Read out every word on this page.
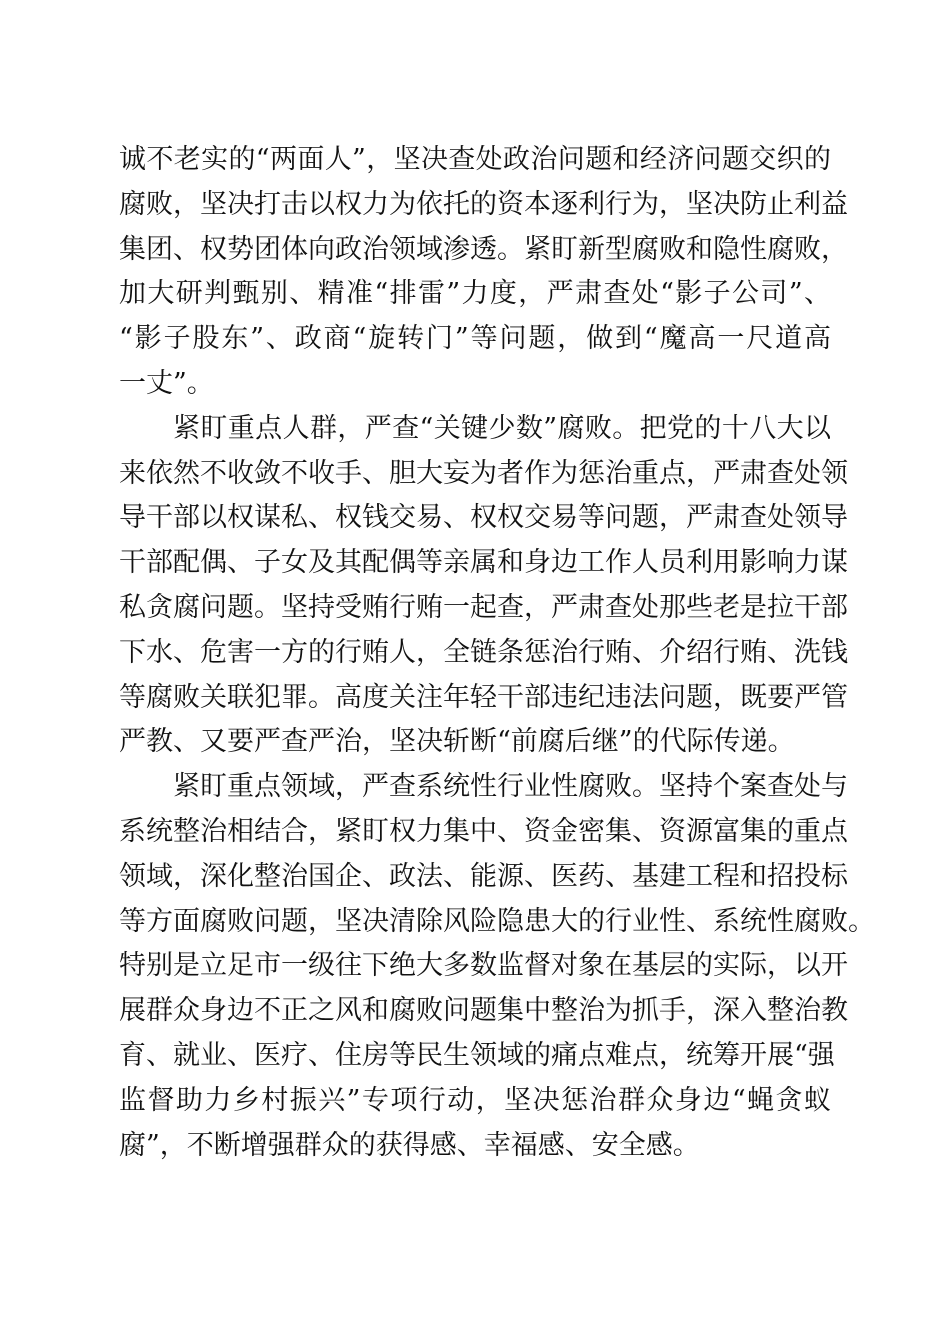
诚不老实的“两面人”，坚决查处政治问题和经济问题交织的
腐败，坚决打击以权力为依托的资本逐利行为，坚决防止利益
集团、权势团体向政治领域渗透。紧盯新型腐败和隐性腐败，
加大研判甄别、精准“排雷”力度，严肃查处“影子公司”、
“影子股东”、政商“旋转门”等问题，做到“魔高一尺道高
一丈”。
紧盯重点人群，严查“关键少数”腐败。把党的十八大以
来依然不收敛不收手、胆大妄为者作为惩治重点，严肃查处领
导干部以权谋私、权钱交易、权权交易等问题，严肃查处领导
干部配偶、子女及其配偶等亲属和身边工作人员利用影响力谋
私贪腐问题。坚持受贿行贿一起查，严肃查处那些老是拉干部
下水、危害一方的行贿人，全链条惩治行贿、介绍行贿、洗钱
等腐败关联犯罪。高度关注年轻干部违纪违法问题，既要严管
严教、又要严查严治，坚决斩断“前腐后继”的代际传递。
紧盯重点领域，严查系统性行业性腐败。坚持个案查处与
系统整治相结合，紧盯权力集中、资金密集、资源富集的重点
领域，深化整治国企、政法、能源、医药、基建工程和招投标
等方面腐败问题，坚决清除风险隐患大的行业性、系统性腐败。
特别是立足市一级往下绝大多数监督对象在基层的实际，以开
展群众身边不正之风和腐败问题集中整治为抓手，深入整治教
育、就业、医疗、住房等民生领域的痛点难点，统筹开展“强
监督助力乡村振兴”专项行动，坚决惩治群众身边“蝇贪蚁
腐”，不断增强群众的获得感、幸福感、安全感。
